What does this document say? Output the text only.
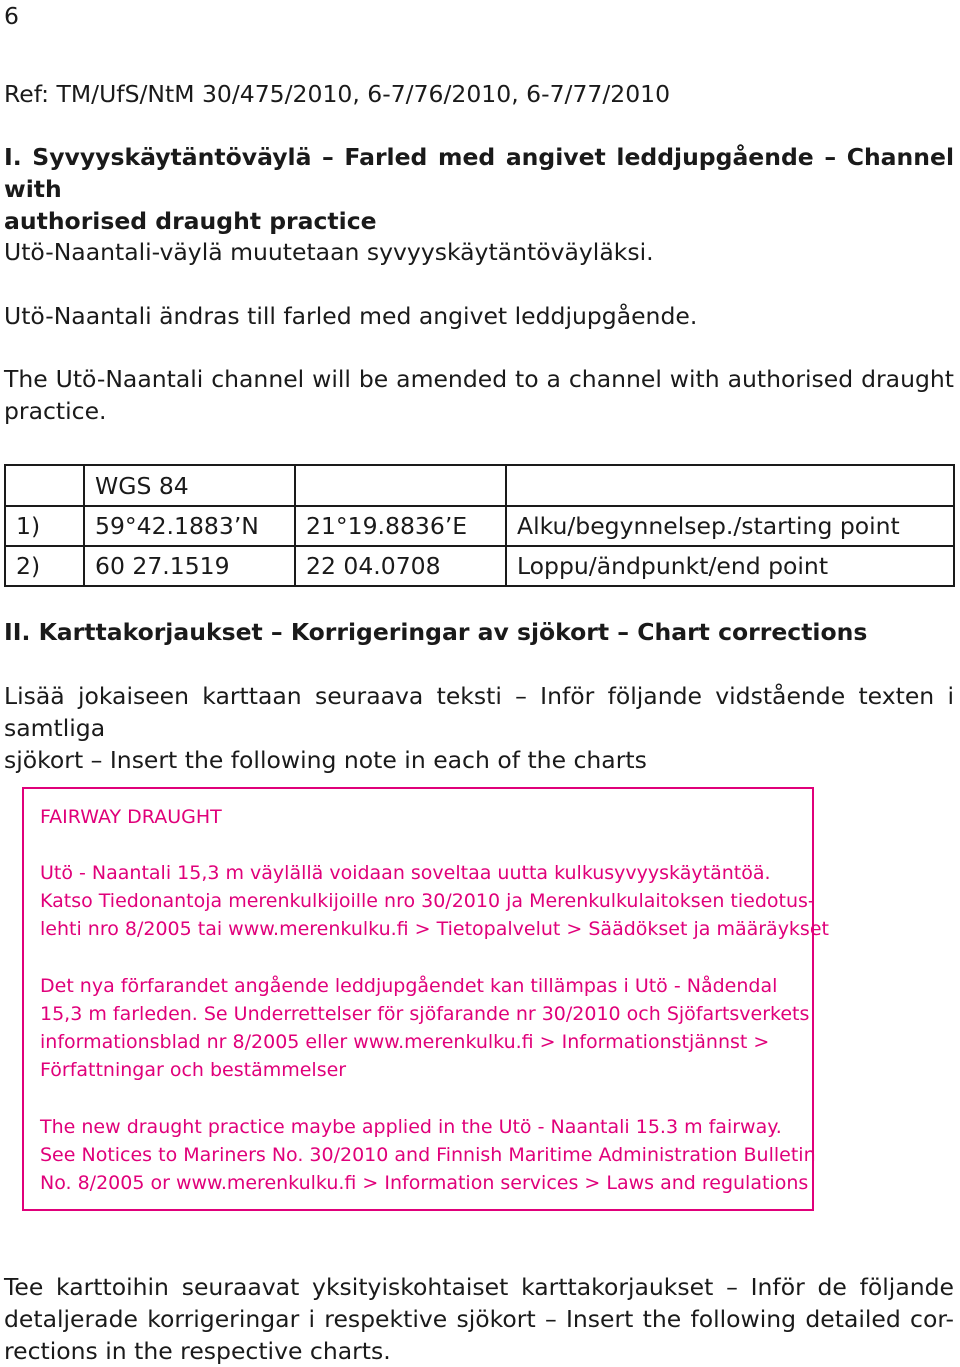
6
Ref: TM/UfS/NtM 30/475/2010, 6-7/76/2010, 6-7/77/2010
I. Syvyyskäytäntöväylä – Farled med angivet leddjupgående – Channel with
authorised draught practice
Utö-Naantali-väylä muutetaan syvyyskäytäntöväyläksi.
Utö-Naantali ändras till farled med angivet leddjupgående.
The Utö-Naantali channel will be amended to a channel with authorised draught
practice.
	WGS 84		
1)	59°42.1883’N	21°19.8836’E	Alku/begynnelsep./starting point
2)	60 27.1519	22 04.0708	Loppu/ändpunkt/end point
II. Karttakorjaukset – Korrigeringar av sjökort – Chart corrections
Lisää jokaiseen karttaan seuraava teksti – Inför följande vidstående texten i samtliga
sjökort – Insert the following note in each of the charts
FAIRWAY DRAUGHT
Utö - Naantali 15,3 m väylällä voidaan soveltaa uutta kulkusyvyyskäytäntöä.
Katso Tiedonantoja merenkulkijoille nro 30/2010 ja Merenkulkulaitoksen tiedotus-
lehti nro 8/2005 tai www.merenkulku.fi > Tietopalvelut > Säädökset ja määräykset
Det nya förfarandet angående leddjupgåendet kan tillämpas i Utö - Nådendal
15,3 m farleden. Se Underrettelser för sjöfarande nr 30/2010 och Sjöfartsverkets
informationsblad nr 8/2005 eller www.merenkulku.fi > Informationstjännst >
Författningar och bestämmelser
The new draught practice maybe applied in the Utö - Naantali 15.3 m fairway.
See Notices to Mariners No. 30/2010 and Finnish Maritime Administration Bulletin
No. 8/2005 or www.merenkulku.fi > Information services > Laws and regulations
Tee karttoihin seuraavat yksityiskohtaiset karttakorjaukset – Inför de följande
detaljerade korrigeringar i respektive sjökort – Insert the following detailed cor-
rections in the respective charts.
